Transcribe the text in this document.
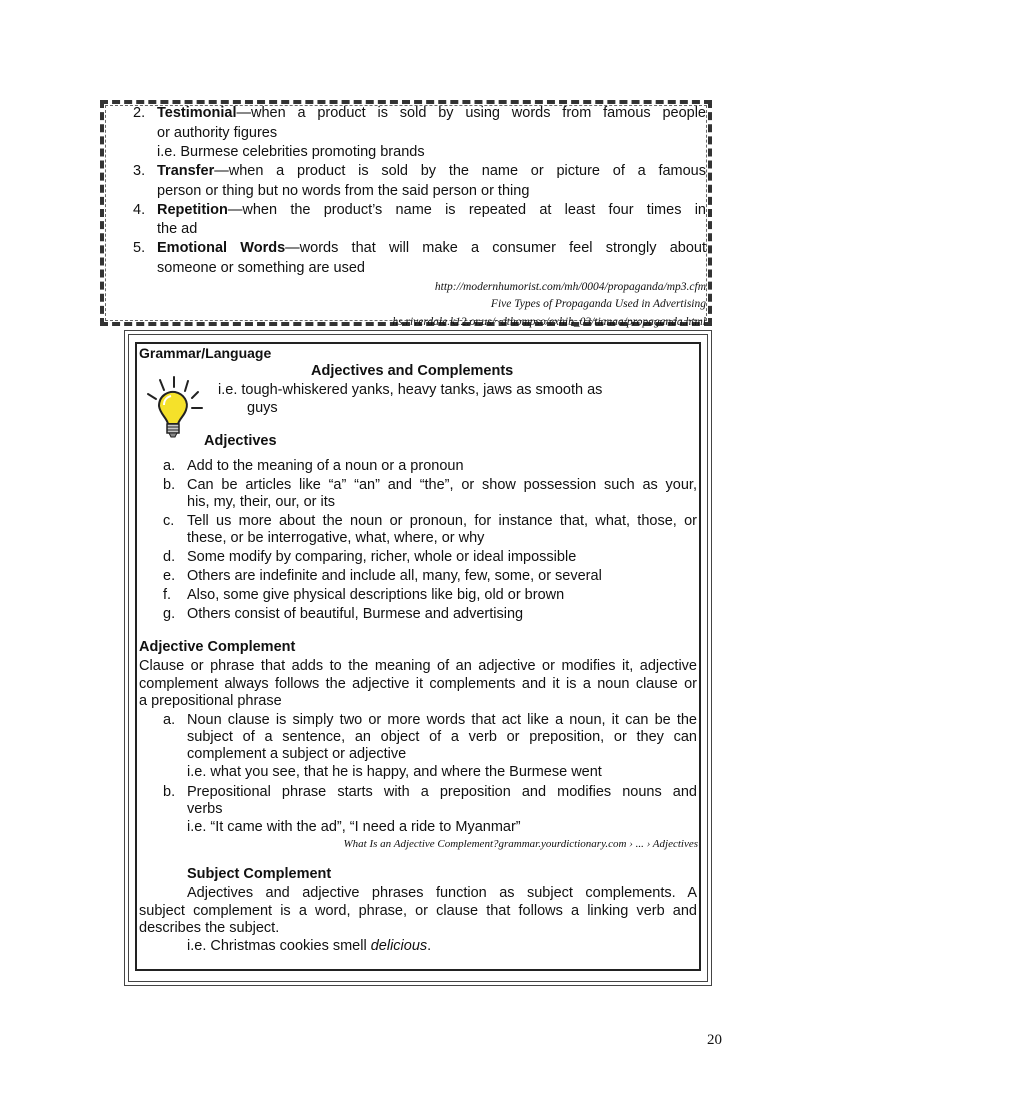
2. Testimonial—when a product is sold by using words from famous people
or authority figures
i.e. Burmese celebrities promoting brands
3. Transfer—when a product is sold by the name or picture of a famous
person or thing but no words from the said person or thing
4. Repetition—when the product’s name is repeated at least four times in
the ad
5. Emotional Words—words that will make a consumer feel strongly about
someone or something are used
http://modernhumorist.com/mh/0004/propaganda/mp3.cfm
Five Types of Propaganda Used in Advertising
hs.riverdale.k12.or.us/~dthompso/exhib_03/tianaa/propaganda.html
Grammar/Language
Adjectives and Complements
i.e. tough-whiskered yanks, heavy tanks, jaws as smooth as
guys
Adjectives
a. Add to the meaning of a noun or a pronoun
b. Can be articles like “a” “an” and “the”, or show possession such as your,
his, my, their, our, or its
c. Tell us more about the noun or pronoun, for instance that, what, those, or
these, or be interrogative, what, where, or why
d. Some modify by comparing, richer, whole or ideal impossible
e. Others are indefinite and include all, many, few, some, or several
f.	Also, some give physical descriptions like big, old or brown
g. Others consist of beautiful, Burmese and advertising
Adjective Complement
Clause or phrase that adds to the meaning of an adjective or modifies it, adjective
complement always follows the adjective it complements and it is a noun clause or
a prepositional phrase
a. Noun clause is simply two or more words that act like a noun, it can be the
subject of a sentence, an object of a verb or preposition, or they can
complement a subject or adjective
i.e. what you see, that he is happy, and where the Burmese went
b. Prepositional phrase starts with a preposition and modifies nouns and
verbs
i.e. “It came with the ad”, “I need a ride to Myanmar”
What Is an Adjective Complement?grammar.yourdictionary.com › ... › Adjectives
Subject Complement
Adjectives and adjective phrases function as subject complements. A
subject complement is a word, phrase, or clause that follows a linking verb and
describes the subject.
i.e. Christmas cookies smell delicious.
20
